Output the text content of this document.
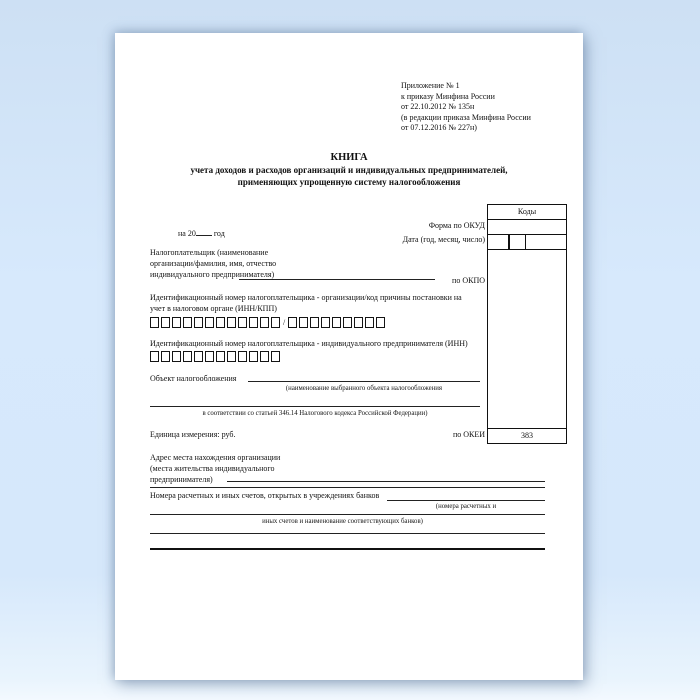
Приложение № 1
к приказу Минфина России
от 22.10.2012 № 135н
(в редакции приказа Минфина России
от 07.12.2016 № 227н)
КНИГА
учета доходов и расходов организаций и индивидуальных предпринимателей,
применяющих упрощенную систему налогообложения
Коды
383
Форма по ОКУД
Дата (год, месяц, число)
по ОКПО
по ОКЕИ
на 20 год
Налогоплательщик (наименование
организации/фамилия, имя, отчество
индивидуального предпринимателя)
Идентификационный номер налогоплательщика - организации/код причины постановки на
учет в налоговом органе (ИНН/КПП)
/
Идентификационный номер налогоплательщика - индивидуального предпринимателя (ИНН)
Объект налогообложения
(наименование выбранного объекта налогообложения
в соответствии со статьей 346.14 Налогового кодекса Российской Федерации)
Единица измерения: руб.
Адрес места нахождения организации
(места жительства индивидуального
предпринимателя)
Номера расчетных и иных счетов, открытых в учреждениях банков
(номера расчетных и
иных счетов и наименование соответствующих банков)
